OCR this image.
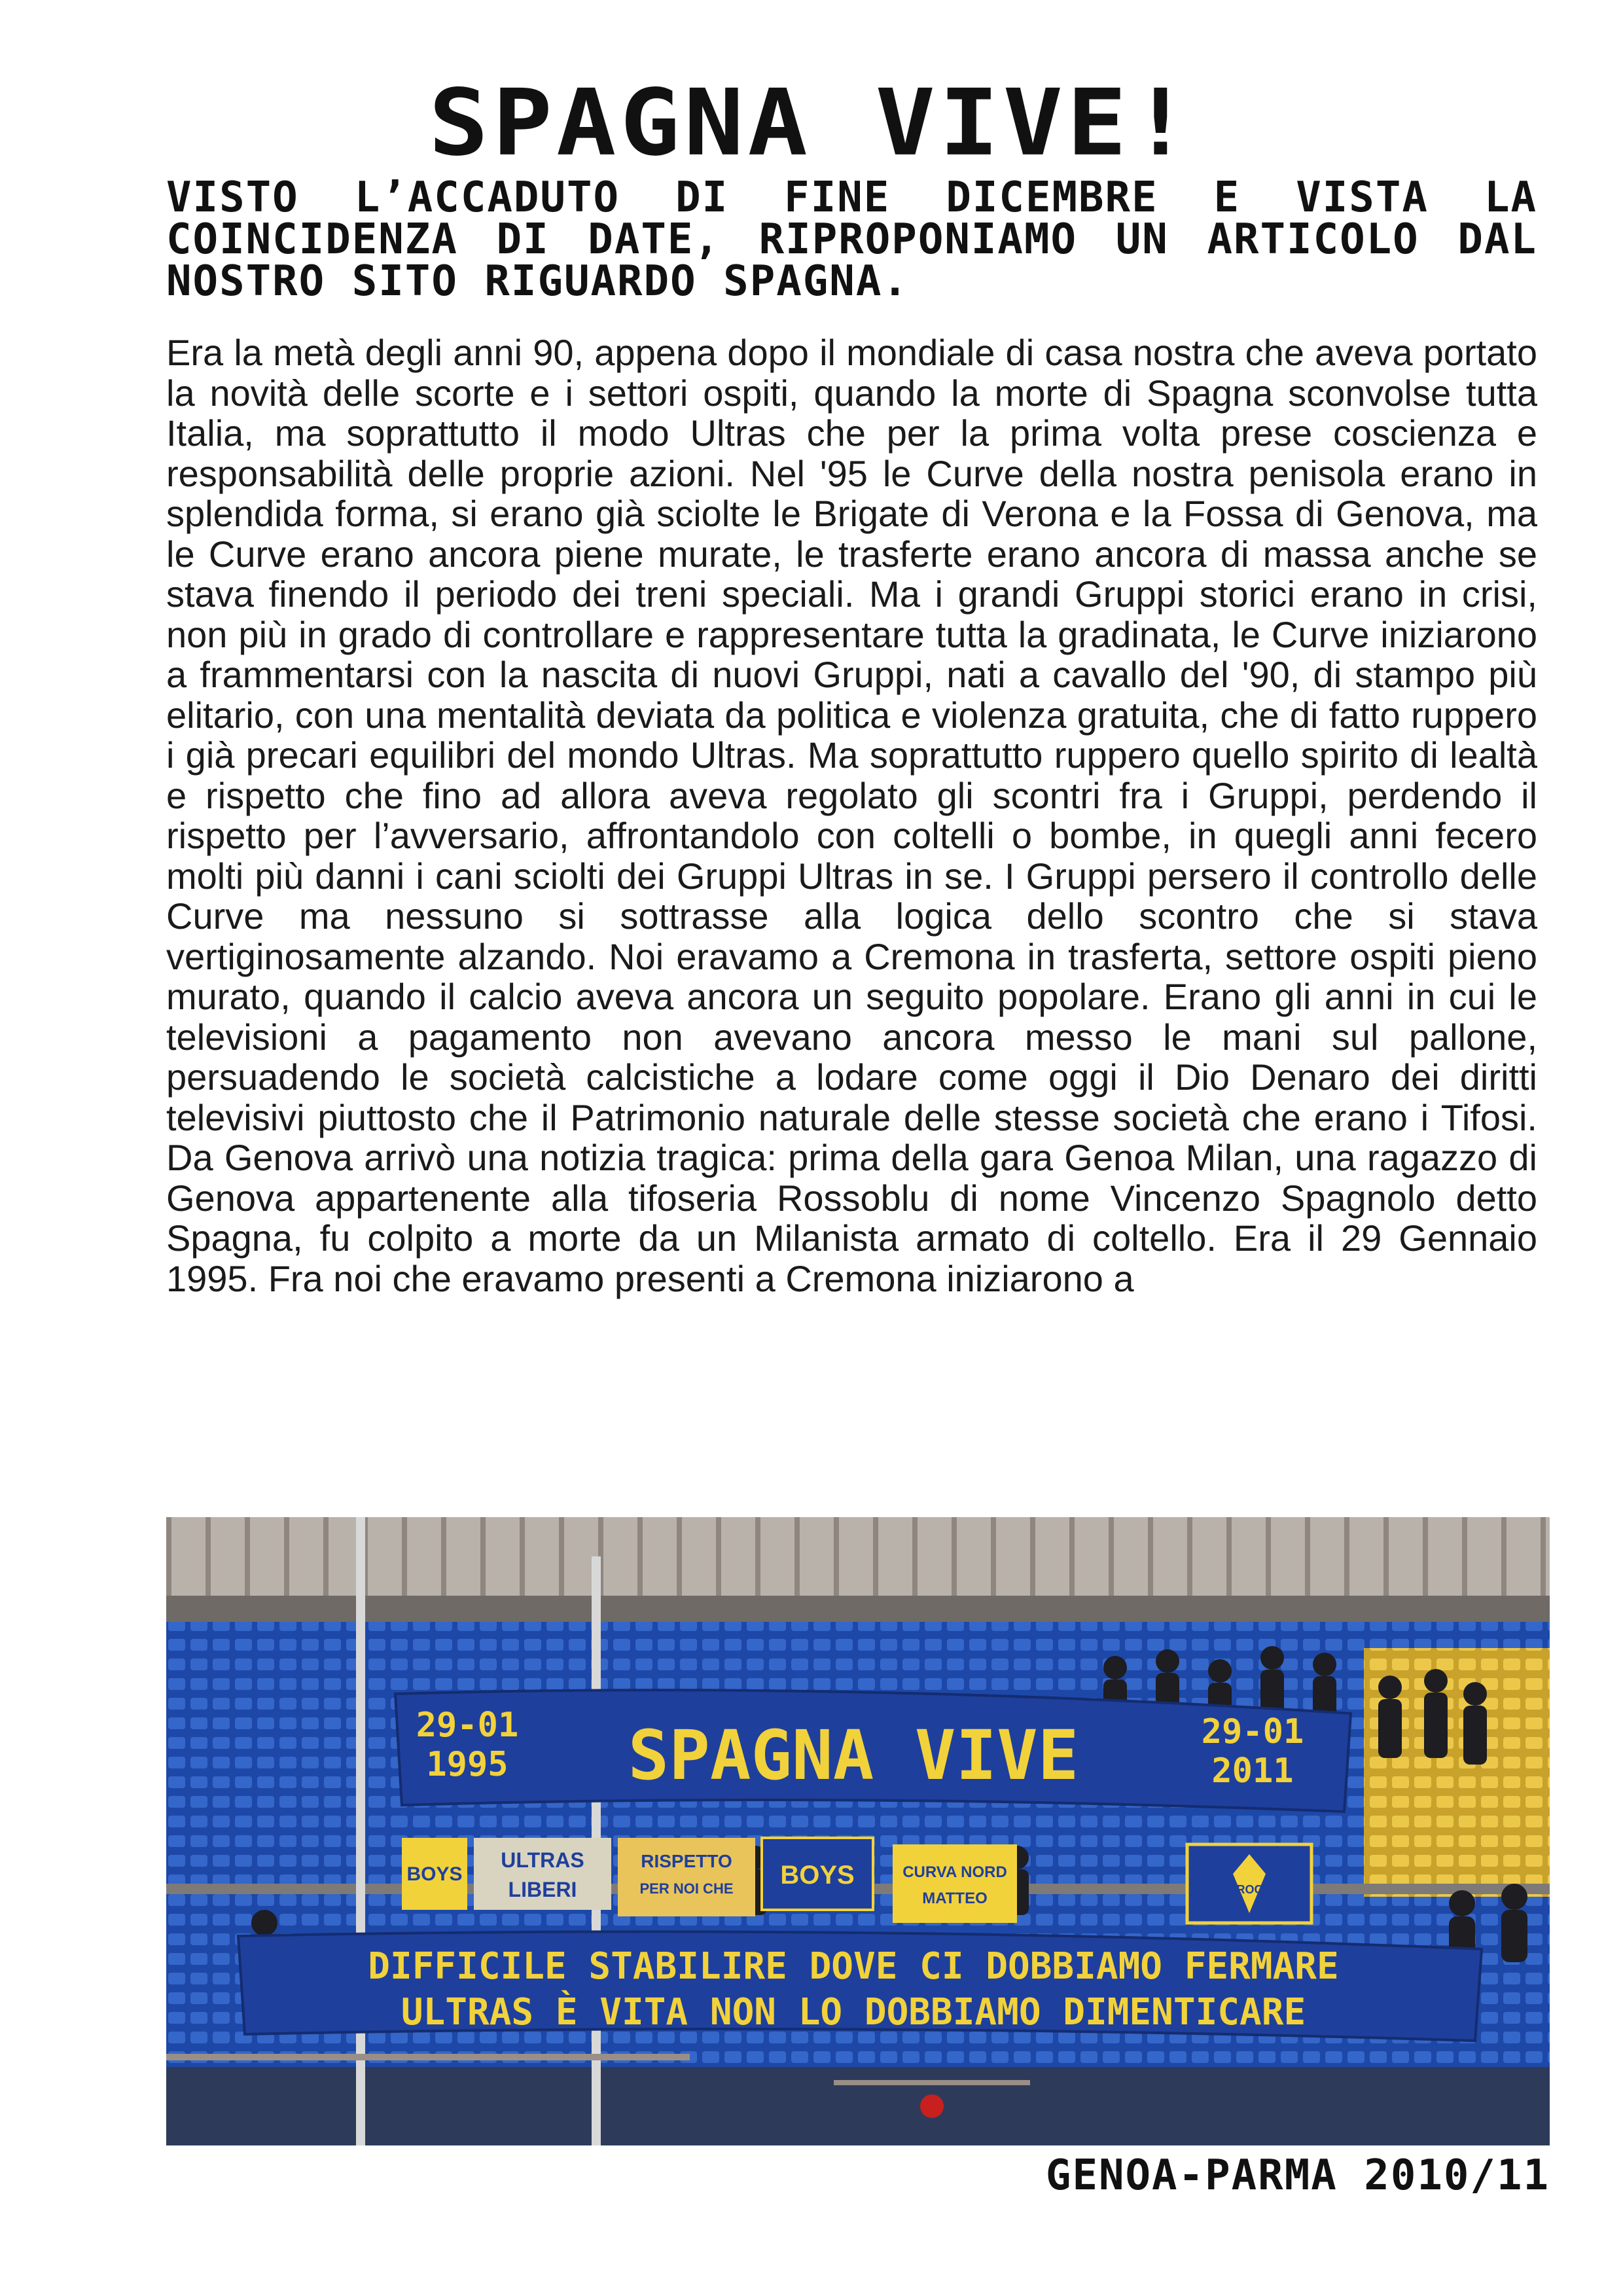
SPAGNA VIVE!

VISTO L’ACCADUTO DI FINE DICEMBRE E VISTA LA COINCIDENZA DI DATE, RIPROPONIAMO UN ARTICOLO DAL NOSTRO SITO RIGUARDO SPAGNA.

Era la metà degli anni 90, appena dopo il mondiale di casa nostra che aveva portato la novità delle scorte e i settori ospiti, quando la morte di Spagna sconvolse tutta Italia, ma soprattutto il modo Ultras che per la prima volta prese coscienza e responsabilità delle proprie azioni. Nel '95 le Curve della nostra penisola erano in splendida forma, si erano già sciolte le Brigate di Verona e la Fossa di Genova, ma le Curve erano ancora piene murate, le trasferte erano ancora di massa anche se stava finendo il periodo dei treni speciali. Ma i grandi Gruppi storici erano in crisi, non più in grado di controllare e rappresentare tutta la gradinata, le Curve iniziarono a frammentarsi con la nascita di nuovi Gruppi, nati a cavallo del '90, di stampo più elitario, con una mentalità deviata da politica e violenza gratuita, che di fatto ruppero i già precari equilibri del mondo Ultras. Ma soprattutto ruppero quello spirito di lealtà e rispetto che fino ad allora aveva regolato gli scontri fra i Gruppi, perdendo il rispetto per l’avversario, affrontandolo con coltelli o bombe, in quegli anni fecero molti più danni i cani sciolti dei Gruppi Ultras in se. I Gruppi persero il controllo delle Curve ma nessuno si sottrasse alla logica dello scontro che si stava vertiginosamente alzando. Noi eravamo a Cremona in trasferta, settore ospiti pieno murato, quando il calcio aveva ancora un seguito popolare. Erano gli anni in cui le televisioni a pagamento non avevano ancora messo le mani sul pallone, persuadendo le società calcistiche a lodare come oggi il Dio Denaro dei diritti televisivi piuttosto che il Patrimonio naturale delle stesse società che erano i Tifosi. Da Genova arrivò una notizia tragica: prima della gara Genoa Milan, una ragazzo di Genova appartenente alla tifoseria Rossoblu di nome Vincenzo Spagnolo detto Spagna, fu colpito a morte da un Milanista armato di coltello. Era il 29 Gennaio 1995. Fra noi che eravamo presenti a Cremona iniziarono a

29-01
1995 SPAGNA VIVE	29-01
2011
BOYS
ULTRAS
LIBERI
RISPETTO
PER NOI CHE BOYS	CURVA NORD
MATTEO	CROCE
DIFFICILE STABILIRE DOVE CI DOBBIAMO FERMARE
ULTRAS È VITA NON LO DOBBIAMO DIMENTICARE

GENOA-PARMA 2010/11
